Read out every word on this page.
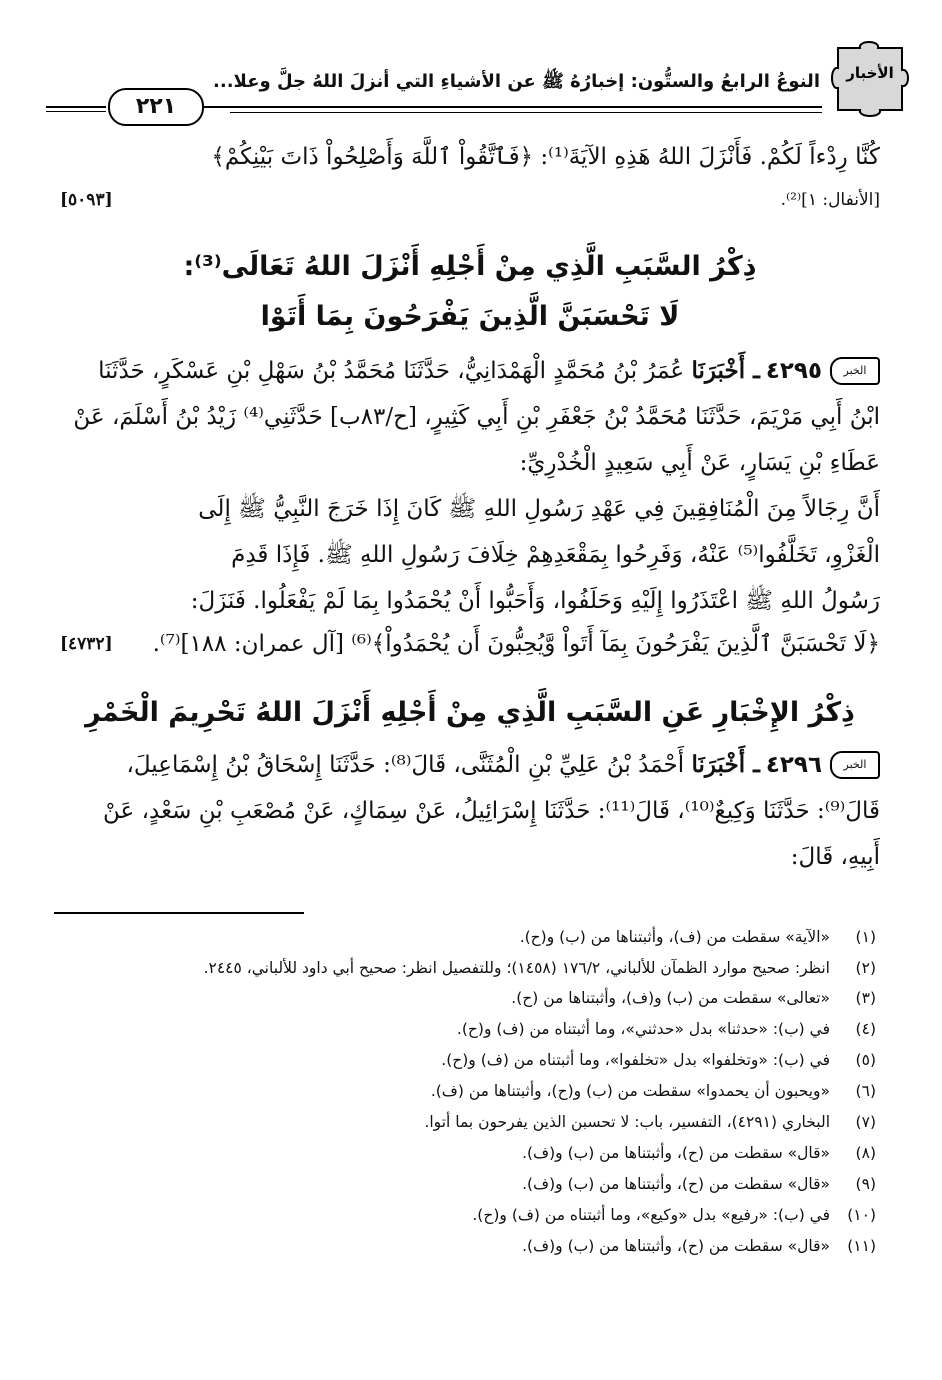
الأخبار
النوعُ الرابعُ والستُّون: إخبارُهُ ﷺ عن الأشياءِ التي أنزلَ اللهُ جلَّ وعلا...
٢٢١
كُنَّا رِدْءاً لَكُمْ. فَأَنْزَلَ اللهُ هَذِهِ الآيَةَ⁽¹⁾: ﴿فَٱتَّقُواْ ٱللَّهَ وَأَصْلِحُواْ ذَاتَ بَيْنِكُمْ﴾
[الأنفال: ١]⁽²⁾.
[٥٠٩٣]
ذِكْرُ السَّبَبِ الَّذِي مِنْ أَجْلِهِ أَنْزَلَ اللهُ تَعَالَى⁽³⁾:
لَا تَحْسَبَنَّ الَّذِينَ يَفْرَحُونَ بِمَا أَتَوْا
الخبر
٤٢٩٥
ـ أَخْبَرَنَا

عُمَرُ بْنُ مُحَمَّدٍ الْهَمْدَانِيُّ، حَدَّثَنَا مُحَمَّدُ بْنُ سَهْلِ بْنِ عَسْكَرٍ، حَدَّثَنَا
ابْنُ أَبِي مَرْيَمَ، حَدَّثَنَا مُحَمَّدُ بْنُ جَعْفَرِ بْنِ أَبِي كَثِيرٍ، [ح/٨٣ب] حَدَّثَنِي⁽⁴⁾ زَيْدُ بْنُ أَسْلَمَ، عَنْ
عَطَاءِ بْنِ يَسَارٍ، عَنْ أَبِي سَعِيدٍ الْخُدْرِيِّ:
أَنَّ رِجَالاً مِنَ الْمُنَافِقِينَ فِي عَهْدِ رَسُولِ اللهِ ﷺ كَانَ إِذَا خَرَجَ النَّبِيُّ ﷺ إِلَى
الْغَزْوِ، تَخَلَّفُوا⁽⁵⁾ عَنْهُ، وَفَرِحُوا بِمَقْعَدِهِمْ خِلَافَ رَسُولِ اللهِ ﷺ. فَإِذَا قَدِمَ
رَسُولُ اللهِ ﷺ اعْتَذَرُوا إِلَيْهِ وَحَلَفُوا، وَأَحَبُّوا أَنْ يُحْمَدُوا بِمَا لَمْ يَفْعَلُوا. فَنَزَلَ:
﴿لَا تَحْسَبَنَّ ٱلَّذِينَ يَفْرَحُونَ بِمَآ أَتَواْ وَّيُحِبُّونَ أَن يُحْمَدُواْ﴾⁽⁶⁾ [آل عمران: ١٨٨]⁽⁷⁾.
[٤٧٣٢]
ذِكْرُ الإِخْبَارِ عَنِ السَّبَبِ الَّذِي مِنْ أَجْلِهِ أَنْزَلَ اللهُ تَحْرِيمَ الْخَمْرِ
الخبر
٤٢٩٦
ـ أَخْبَرَنَا

أَحْمَدُ بْنُ عَلِيِّ بْنِ الْمُثَنَّى، قَالَ⁽⁸⁾: حَدَّثَنَا إِسْحَاقُ بْنُ إِسْمَاعِيلَ،
قَالَ⁽⁹⁾: حَدَّثَنَا وَكِيعٌ⁽¹⁰⁾، قَالَ⁽¹¹⁾: حَدَّثَنَا إِسْرَائِيلُ، عَنْ سِمَاكٍ، عَنْ مُصْعَبِ بْنِ سَعْدٍ، عَنْ
أَبِيهِ، قَالَ:
(١)
«الآية» سقطت من (ف)، وأثبتناها من (ب) و(ح).
(٢)
انظر: صحيح موارد الظمآن للألباني، ١٧٦/٢ (١٤٥٨)؛ وللتفصيل انظر: صحيح أبي داود للألباني، ٢٤٤٥.
(٣)
«تعالى» سقطت من (ب) و(ف)، وأثبتناها من (ح).
(٤)
في (ب): «حدثنا» بدل «حدثني»، وما أثبتناه من (ف) و(ح).
(٥)
في (ب): «وتخلفوا» بدل «تخلفوا»، وما أثبتناه من (ف) و(ح).
(٦)
«ويحبون أن يحمدوا» سقطت من (ب) و(ح)، وأثبتناها من (ف).
(٧)
البخاري (٤٢٩١)، التفسير، باب: لا تحسبن الذين يفرحون بما أتوا.
(٨)
«قال» سقطت من (ح)، وأثبتناها من (ب) و(ف).
(٩)
«قال» سقطت من (ح)، وأثبتناها من (ب) و(ف).
(١٠)
في (ب): «رفيع» بدل «وكيع»، وما أثبتناه من (ف) و(ح).
(١١)
«قال» سقطت من (ح)، وأثبتناها من (ب) و(ف).
